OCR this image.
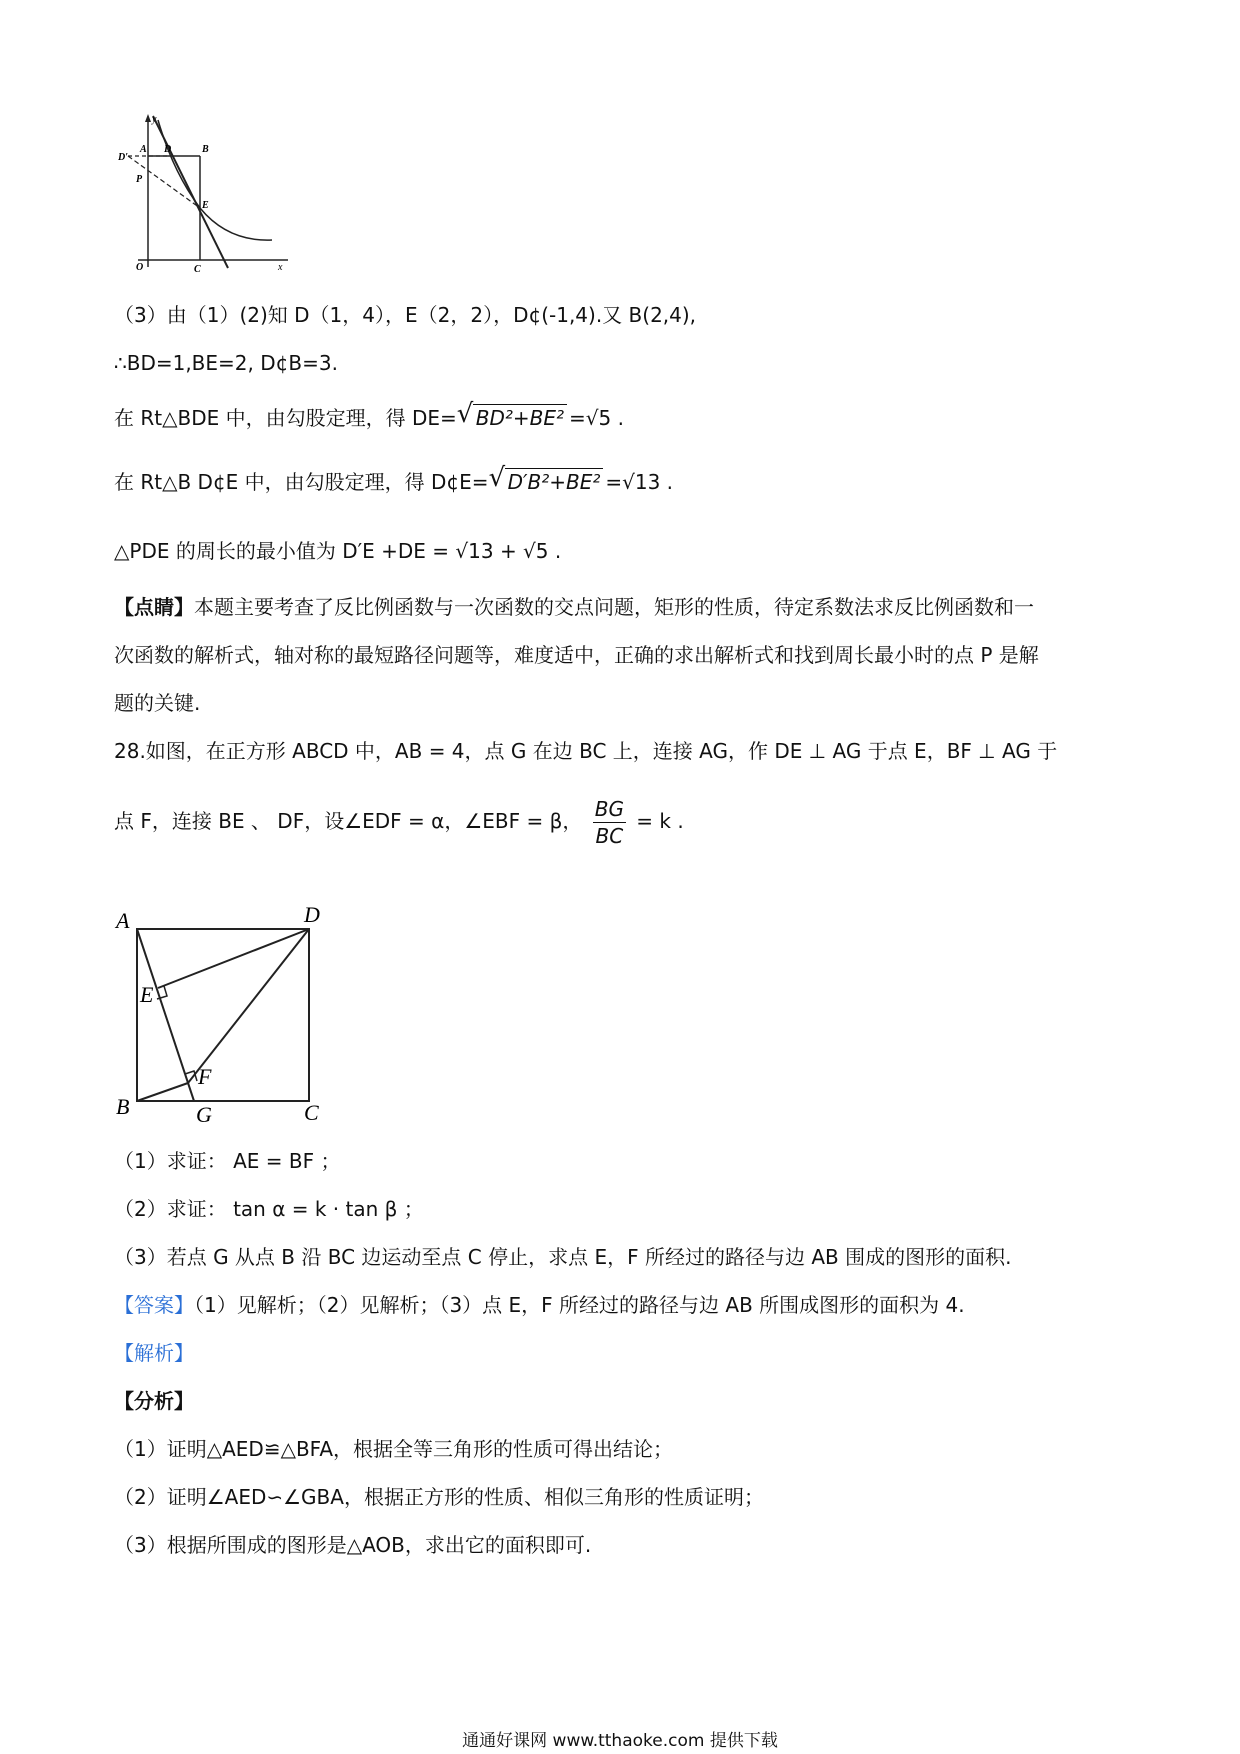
y
x
O
A D	B
D′
P
E
C
（3）由（1）(2)知 D（1，4），E（2，2），D¢(-1,4).又 B(2,4),
∴BD=1,BE=2, D¢B=3.
在 Rt△BDE 中，由勾股定理，得 DE= √ BD²+BE² =√5 .
在 Rt△B D¢E 中，由勾股定理，得 D¢E= √ D′B²+BE² =√13 .
△PDE 的周长的最小值为 D′E +DE = √13 + √5 .
【点睛】本题主要考查了反比例函数与一次函数的交点问题，矩形的性质，待定系数法求反比例函数和一
次函数的解析式，轴对称的最短路径问题等，难度适中，正确的求出解析式和找到周长最小时的点 P 是解
题的关键.
28.如图，在正方形 ABCD 中，AB = 4，点 G 在边 BC 上，连接 AG，作 DE ⊥ AG 于点 E，BF ⊥ AG 于
点 F，连接 BE 、 DF，设∠EDF = α，∠EBF = β， $\frac{BG}{BC} = k$ .
A	D
E
F
B	G	C
（1）求证： AE = BF ；
（2）求证： tan α = k · tan β ；
（3）若点 G 从点 B 沿 BC 边运动至点 C 停止，求点 E，F 所经过的路径与边 AB 围成的图形的面积.
【答案】（1）见解析；（2）见解析；（3）点 E，F 所经过的路径与边 AB 所围成图形的面积为 4.
【解析】
【分析】
（1）证明△AED≌△BFA，根据全等三角形的性质可得出结论；
（2）证明∠AED∽∠GBA，根据正方形的性质、相似三角形的性质证明；
（3）根据所围成的图形是△AOB，求出它的面积即可.
通通好课网 www.tthaoke.com 提供下载
